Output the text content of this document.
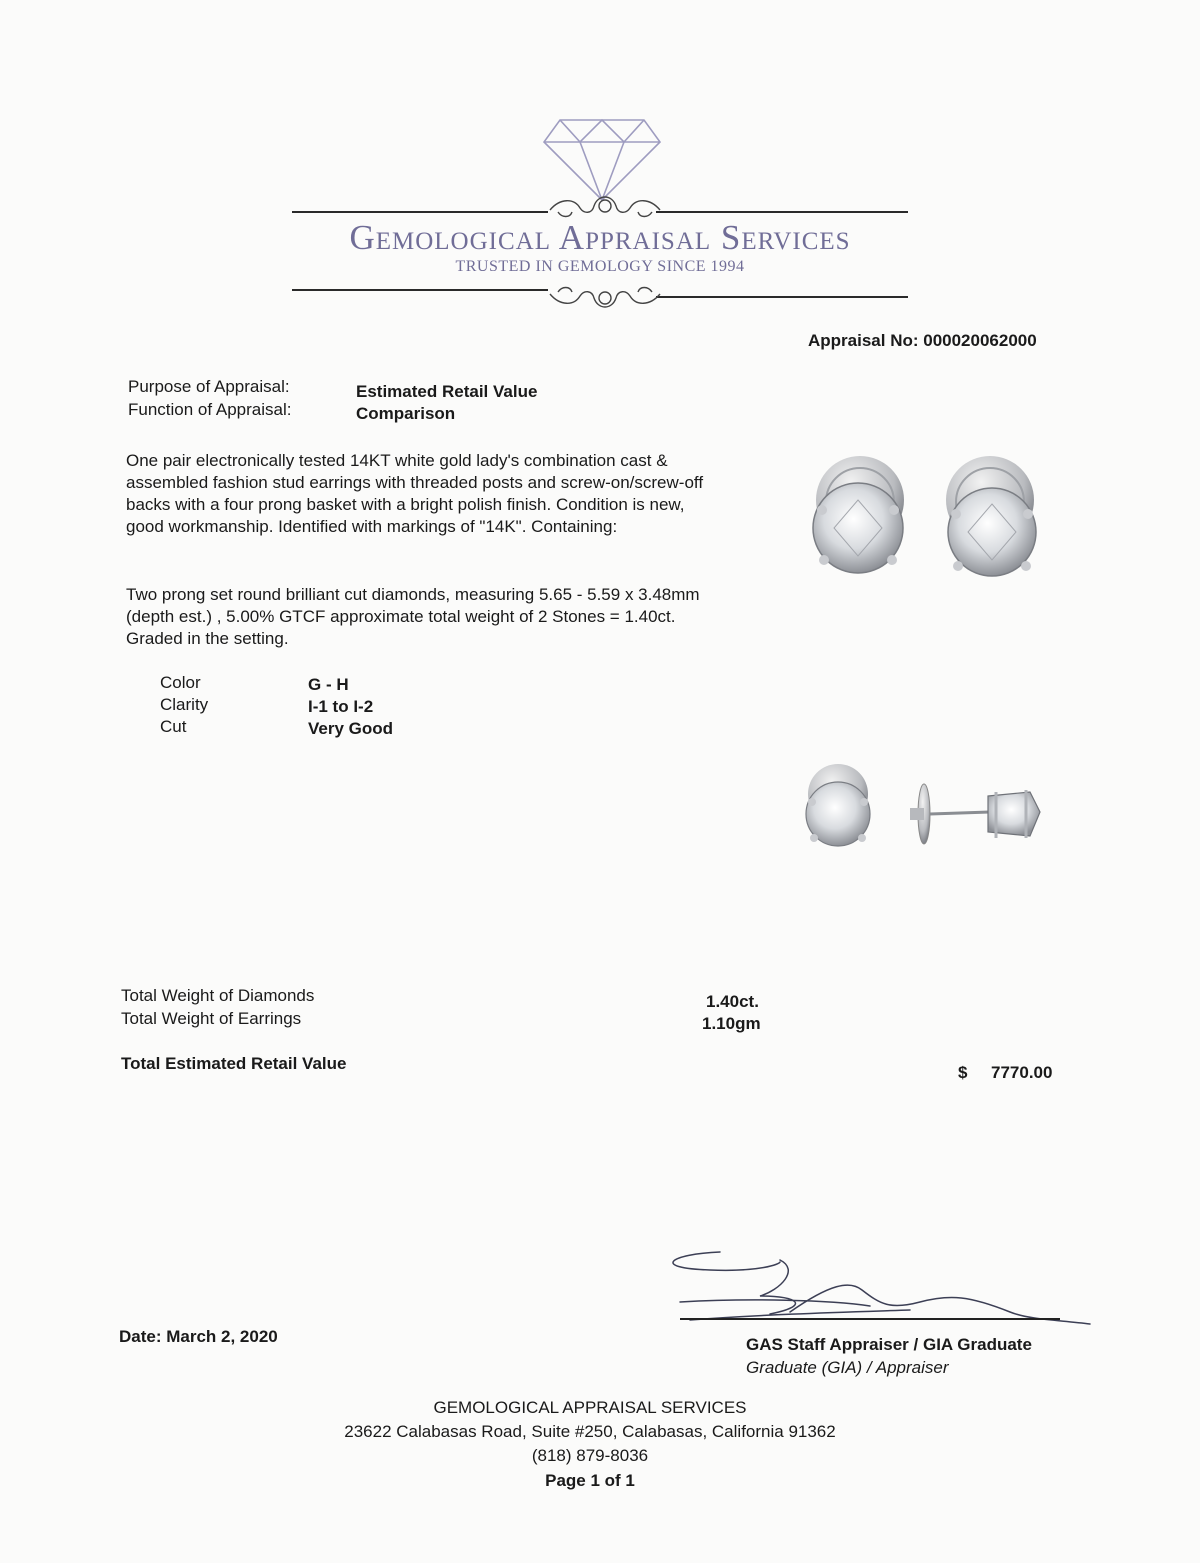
Gemological Appraisal Services
TRUSTED IN GEMOLOGY SINCE 1994
Appraisal No: 000020062000
Purpose of Appraisal:	Estimated Retail Value
Function of Appraisal:	Comparison
One pair electronically tested 14KT white gold lady's combination cast & assembled fashion stud earrings with threaded posts and screw-on/screw-off backs with a four prong basket with a bright polish finish. Condition is new, good workmanship. Identified with markings of "14K". Containing:
Two prong set round brilliant cut diamonds, measuring 5.65 - 5.59 x 3.48mm (depth est.) , 5.00% GTCF approximate total weight of 2 Stones = 1.40ct. Graded in the setting.
Color	G - H
Clarity	I-1 to I-2
Cut	Very Good
Total Weight of Diamonds	1.40ct.
Total Weight of Earrings	1.10gm
Total Estimated Retail Value	$ 7770.00
Date: March 2, 2020	GAS Staff Appraiser / GIA Graduate
Graduate (GIA) / Appraiser
GEMOLOGICAL APPRAISAL SERVICES
23622 Calabasas Road, Suite #250, Calabasas, California 91362
(818) 879-8036
Page 1 of 1
